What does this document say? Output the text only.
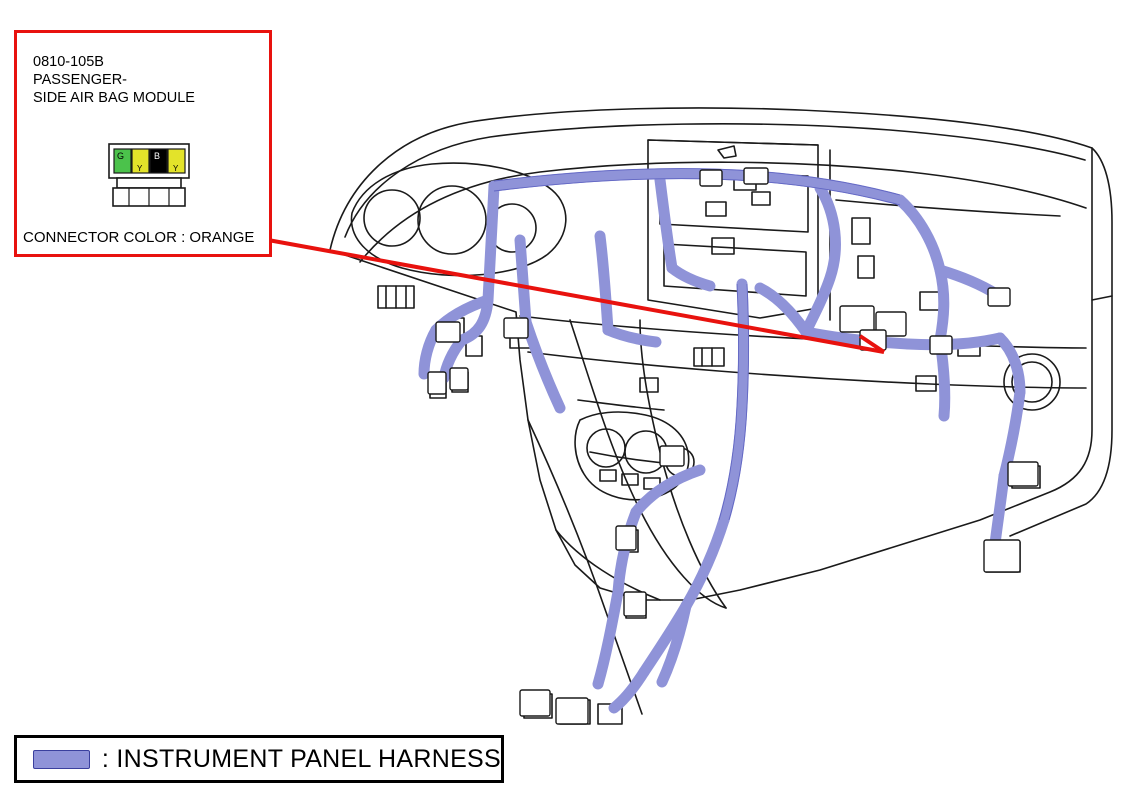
0810-105B
PASSENGER-
SIDE AIR BAG MODULE
G
Y
B
Y
CONNECTOR COLOR : ORANGE
: INSTRUMENT PANEL HARNESS
